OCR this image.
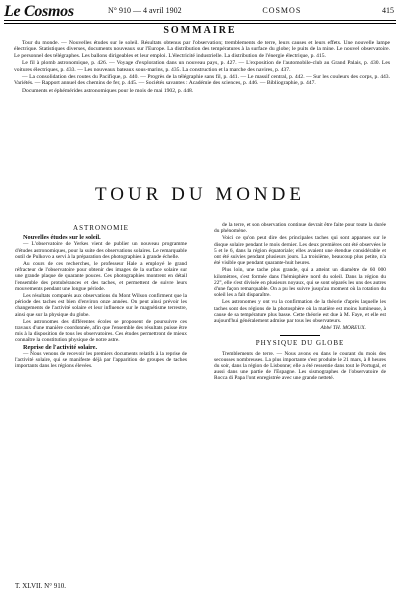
Le Cosmos	N° 910 — 4 avril 1902	COSMOS	415
SOMMAIRE

Tour du monde. — Nouvelles études sur le soleil. Résultats obtenus par l'observation; tremblements de terre, leurs causes et leurs effets. Une nouvelle lampe électrique. Statistiques diverses, documents nouveaux sur l'Europe. La distribution des températures à la surface du globe; le puits de la mine. Le nouvel observatoire. Le personnel des télégraphes. Les ballons dirigeables et leur emploi. L'électricité industrielle. La distribution de l'énergie électrique, p. 415.

Le fil à plomb astronomique, p. 426. — Voyage d'exploration dans un nouveau pays, p. 427. — L'exposition de l'automobile-club au Grand Palais, p. 430. Les voitures électriques, p. 433. — Les nouveaux bateaux sous-marins, p. 435. La construction et la marche des navires, p. 437.

— La consolidation des routes du Pacifique, p. 440. — Progrès de la télégraphie sans fil, p. 441. — Le massif central, p. 442. — Sur les couleurs des corps, p. 443. Variétés. — Rapport annuel des chemins de fer, p. 445. — Sociétés savantes : Académie des sciences, p. 446. — Bibliographie, p. 447.

Documents et éphémérides astronomiques pour le mois de mai 1902, p. 448.

TOUR DU MONDE
ASTRONOMIE
Nouvelles études sur le soleil.

— L'observatoire de Yerkes vient de publier un nouveau programme d'études astronomiques, pour la suite des observations solaires. Le remarquable outil de Pulkovo a servi à la préparation des photographies à grande échelle.

Au cours de ces recherches, le professeur Hale a employé le grand réfracteur de l'observatoire pour obtenir des images de la surface solaire sur une grande plaque de quarante pouces. Ces photographies montrent en détail l'ensemble des protubérances et des taches, et permettent de suivre leurs mouvements pendant une longue période.

Les résultats comparés aux observations du Mont Wilson confirment que la période des taches est bien d'environ onze années. On peut ainsi prévoir les changements de l'activité solaire et leur influence sur le magnétisme terrestre, ainsi que sur la physique du globe.

Les astronomes des différentes écoles se proposent de poursuivre ces travaux d'une manière coordonnée, afin que l'ensemble des résultats puisse être mis à la disposition de tous les observatoires. Ces études permettront de mieux connaître la constitution physique de notre astre.

Reprise de l'activité solaire.

— Nous venons de recevoir les premiers documents relatifs à la reprise de l'activité solaire, qui se manifeste déjà par l'apparition de groupes de taches importants dans les régions élevées.

de la terre, et son observation continue devrait être faite pour toute la durée du phénomène.

Voici ce qu'on peut dire des principales taches qui sont apparues sur le disque solaire pendant le mois dernier. Les deux premières ont été observées le 5 et le 6, dans la région équatoriale; elles avaient une étendue considérable et ont été suivies pendant plusieurs jours. La troisième, beaucoup plus petite, n'a été visible que pendant quarante-huit heures.

Plus loin, une tache plus grande, qui a atteint un diamètre de 60 000 kilomètres, s'est formée dans l'hémisphère nord du soleil. Dans la région du 22°, elle s'est divisée en plusieurs noyaux, qui se sont séparés les uns des autres d'une façon remarquable. On a pu les suivre jusqu'au moment où la rotation du soleil les a fait disparaître.

Les astronomes y ont vu la confirmation de la théorie d'après laquelle les taches sont des régions de la photosphère où la matière est moins lumineuse, à cause de sa température plus basse. Cette théorie est due à M. Faye, et elle est aujourd'hui généralement admise par tous les observateurs.

Abbé TH. MOREUX.
PHYSIQUE DU GLOBE

Tremblements de terre. — Nous avons eu dans le courant du mois des secousses nombreuses. La plus importante s'est produite le 21 mars, à 8 heures du soir, dans la région de Lisbonne; elle a été ressentie dans tout le Portugal, et aussi dans une partie de l'Espagne. Les sismographes de l'observatoire de Rocca di Papa l'ont enregistrée avec une grande netteté.

T. XLVII. N° 910.
